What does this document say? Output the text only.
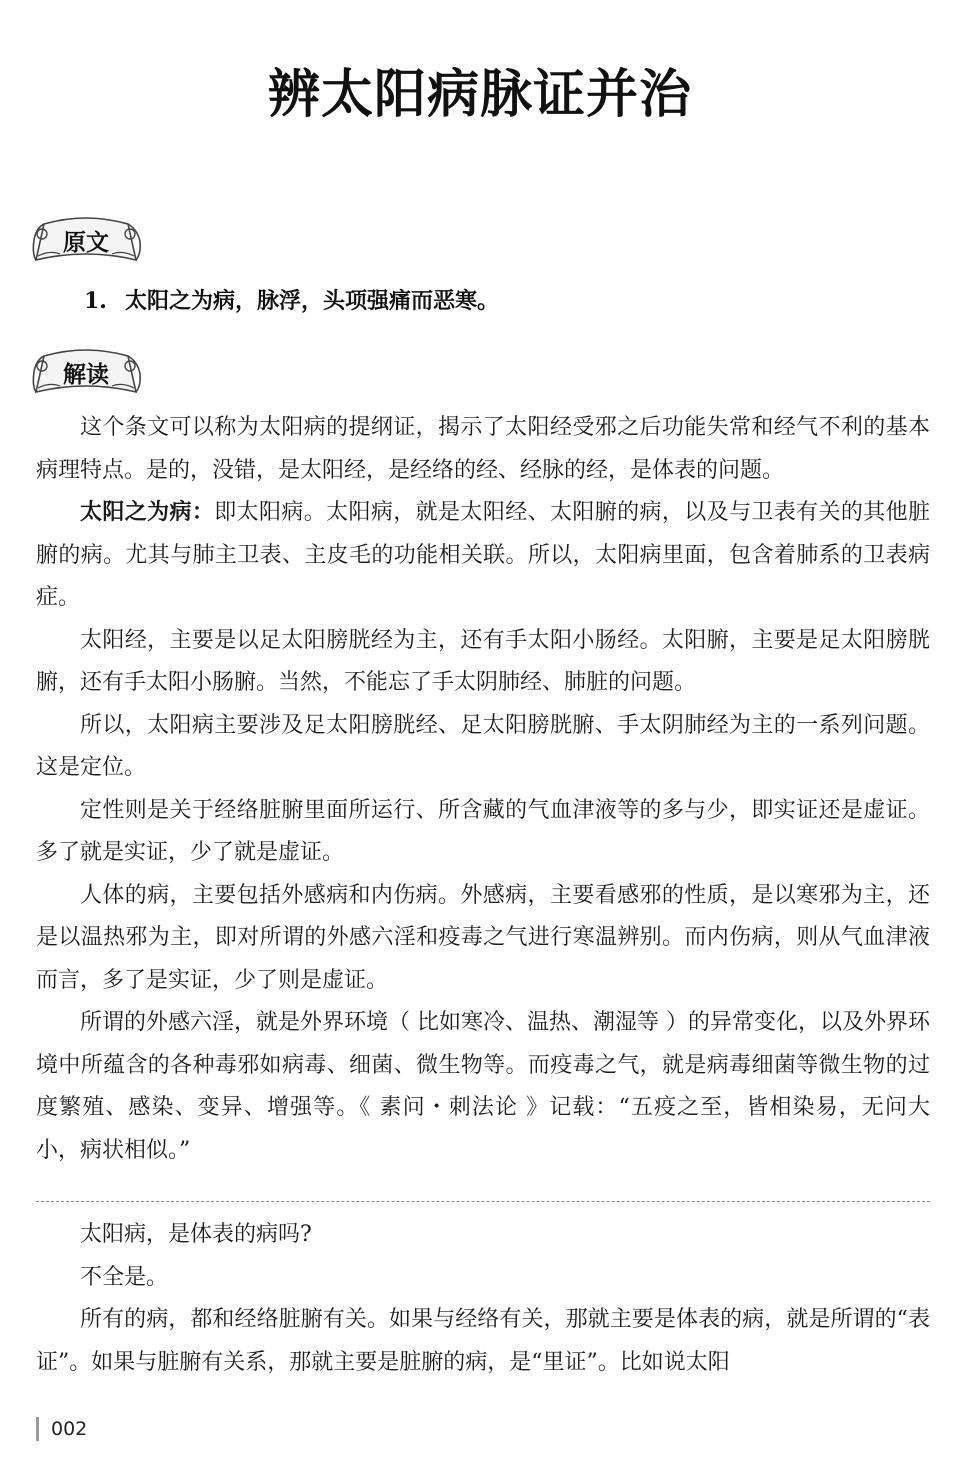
辨太阳病脉证并治
原文
1. 太阳之为病，脉浮，头项强痛而恶寒。
解读

这个条文可以称为太阳病的提纲证，揭示了太阳经受邪之后功能失常和经气不利的基本病理特点。是的，没错，是太阳经，是经络的经、经脉的经，是体表的问题。

太阳之为病：即太阳病。太阳病，就是太阳经、太阳腑的病，以及与卫表有关的其他脏腑的病。尤其与肺主卫表、主皮毛的功能相关联。所以，太阳病里面，包含着肺系的卫表病症。

太阳经，主要是以足太阳膀胱经为主，还有手太阳小肠经。太阳腑，主要是足太阳膀胱腑，还有手太阳小肠腑。当然，不能忘了手太阴肺经、肺脏的问题。

所以，太阳病主要涉及足太阳膀胱经、足太阳膀胱腑、手太阴肺经为主的一系列问题。这是定位。

定性则是关于经络脏腑里面所运行、所含藏的气血津液等的多与少，即实证还是虚证。多了就是实证，少了就是虚证。

人体的病，主要包括外感病和内伤病。外感病，主要看感邪的性质，是以寒邪为主，还是以温热邪为主，即对所谓的外感六淫和疫毒之气进行寒温辨别。而内伤病，则从气血津液而言，多了是实证，少了则是虚证。

所谓的外感六淫，就是外界环境（ 比如寒冷、温热、潮湿等 ）的异常变化，以及外界环境中所蕴含的各种毒邪如病毒、细菌、微生物等。而疫毒之气，就是病毒细菌等微生物的过度繁殖、感染、变异、增强等。《 素问・刺法论 》记载：“五疫之至，皆相染易，无问大小，病状相似。”

太阳病，是体表的病吗?

不全是。

所有的病，都和经络脏腑有关。如果与经络有关，那就主要是体表的病，就是所谓的“表证”。如果与脏腑有关系，那就主要是脏腑的病，是“里证”。比如说太阳

002
